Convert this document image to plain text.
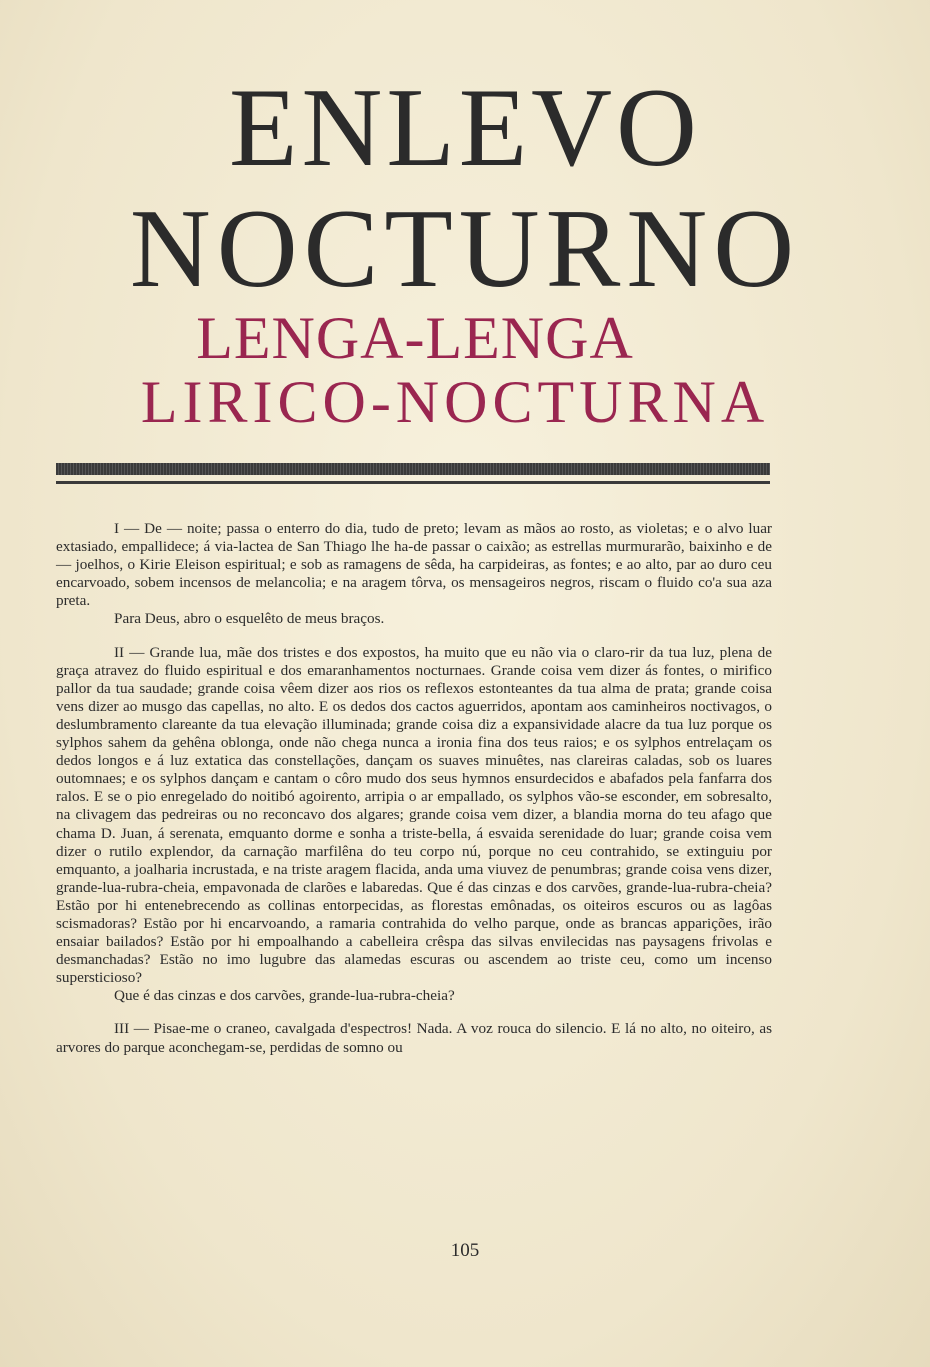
ENLEVO
NOCTURNO
LENGA-LENGA
LIRICO-NOCTURNA

I — De — noite; passa o enterro do dia, tudo de preto; levam as mãos ao rosto, as violetas; e o alvo luar extasiado, empallidece; á via-lactea de San Thiago lhe ha-de passar o caixão; as estrellas murmurarão, baixinho e de — joelhos, o Kirie Eleison espiritual; e sob as ramagens de sêda, ha carpideiras, as fontes; e ao alto, par ao duro ceu encarvoado, sobem incensos de melancolia; e na aragem tôrva, os mensageiros negros, riscam o fluido co'a sua aza preta.

Para Deus, abro o esquelêto de meus braços.

II — Grande lua, mãe dos tristes e dos expostos, ha muito que eu não via o claro-rir da tua luz, plena de graça atravez do fluido espiritual e dos emaranhamentos nocturnaes. Grande coisa vem dizer ás fontes, o mirifico pallor da tua saudade; grande coisa vêem dizer aos rios os reflexos estonteantes da tua alma de prata; grande coisa vens dizer ao musgo das capellas, no alto. E os dedos dos cactos aguerridos, apontam aos caminheiros noctivagos, o deslumbramento clareante da tua elevação illuminada; grande coisa diz a expansividade alacre da tua luz porque os sylphos sahem da gehêna oblonga, onde não chega nunca a ironia fina dos teus raios; e os sylphos entrelaçam os dedos longos e á luz extatica das constellações, dançam os suaves minuêtes, nas clareiras caladas, sob os luares outomnaes; e os sylphos dançam e cantam o côro mudo dos seus hymnos ensurdecidos e abafados pela fanfarra dos ralos. E se o pio enregelado do noitibó agoirento, arripia o ar empallado, os sylphos vão-se esconder, em sobresalto, na clivagem das pedreiras ou no reconcavo dos algares; grande coisa vem dizer, a blandia morna do teu afago que chama D. Juan, á serenata, emquanto dorme e sonha a triste-bella, á esvaida serenidade do luar; grande coisa vem dizer o rutilo explendor, da carnação marfilêna do teu corpo nú, porque no ceu contrahido, se extinguiu por emquanto, a joalharia incrustada, e na triste aragem flacida, anda uma viuvez de penumbras; grande coisa vens dizer, grande-lua-rubra-cheia, empavonada de clarões e labaredas. Que é das cinzas e dos carvões, grande-lua-rubra-cheia? Estão por hi entenebrecendo as collinas entorpecidas, as florestas emônadas, os oiteiros escuros ou as lagôas scismadoras? Estão por hi encarvoando, a ramaria contrahida do velho parque, onde as brancas apparições, irão ensaiar bailados? Estão por hi empoalhando a cabelleira crêspa das silvas envilecidas nas paysagens frivolas e desmanchadas? Estão no imo lugubre das alamedas escuras ou ascendem ao triste ceu, como um incenso supersticioso?

Que é das cinzas e dos carvões, grande-lua-rubra-cheia?

III — Pisae-me o craneo, cavalgada d'espectros! Nada. A voz rouca do silencio. E lá no alto, no oiteiro, as arvores do parque aconchegam-se, perdidas de somno ou

105
